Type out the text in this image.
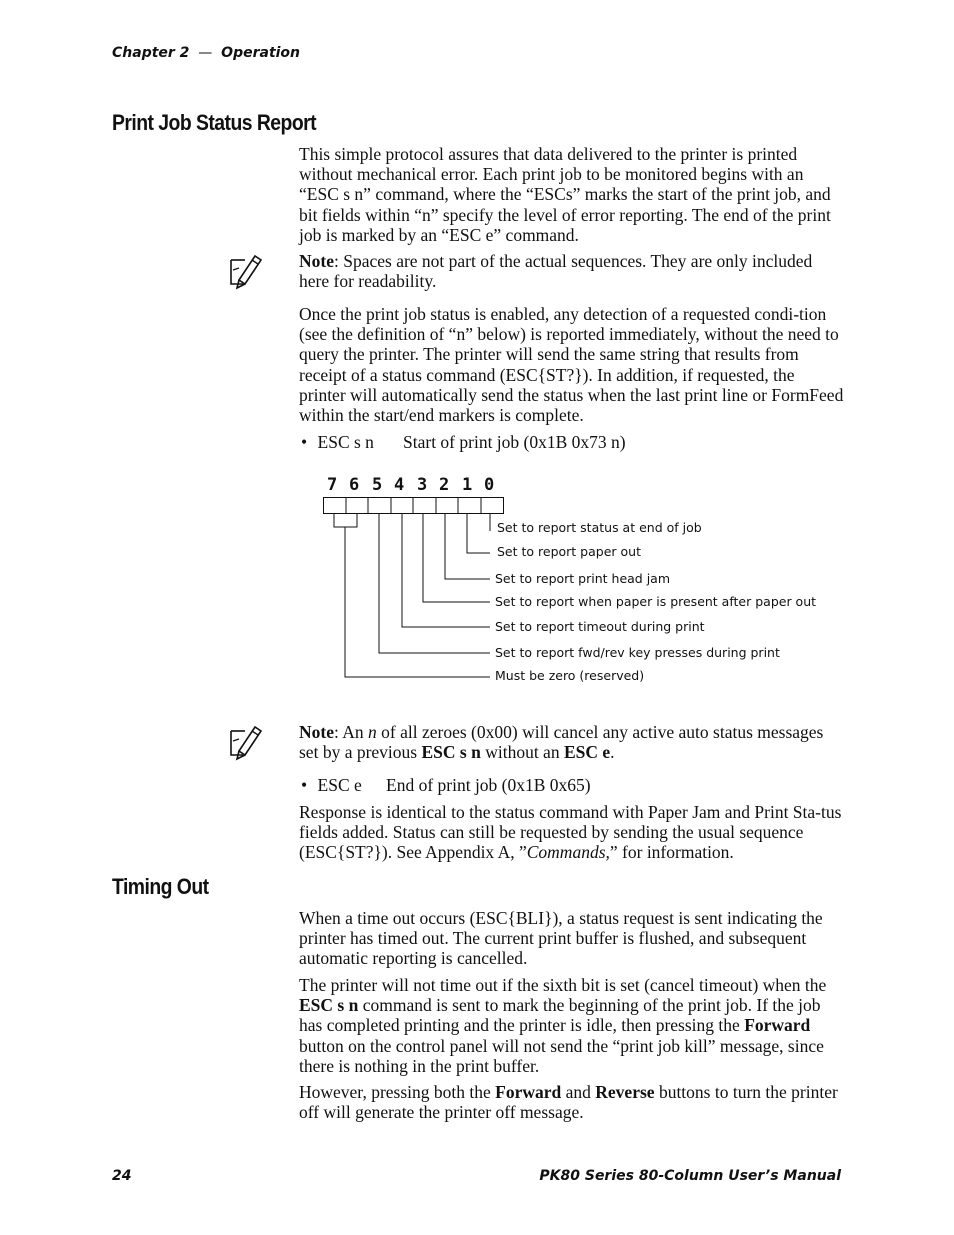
Chapter 2 — Operation
Print Job Status Report

This simple protocol assures that data delivered to the printer is printed without mechanical error. Each print job to be monitored begins with an “ESC s n” command, where the “ESCs” marks the start of the print job, and bit fields within “n” specify the level of error reporting. The end of the print job is marked by an “ESC e” command.

Note: Spaces are not part of the actual sequences. They are only included here for readability.

Once the print job status is enabled, any detection of a requested condi-tion (see the definition of “n” below) is reported immediately, without the need to query the printer. The printer will send the same string that results from receipt of a status command (ESC{ST?}). In addition, if requested, the printer will automatically send the status when the last print line or FormFeed within the start/end markers is complete.

• ESC s n Start of print job (0x1B 0x73 n)
7 6 5 4 3 2 1 0
Set to report status at end of job
Set to report paper out
Set to report print head jam
Set to report when paper is present after paper out
Set to report timeout during print
Set to report fwd/rev key presses during print
Must be zero (reserved)

Note: An n of all zeroes (0x00) will cancel any active auto status messages set by a previous ESC s n without an ESC e.

• ESC e End of print job (0x1B 0x65)

Response is identical to the status command with Paper Jam and Print Sta-tus fields added. Status can still be requested by sending the usual sequence (ESC{ST?}). See Appendix A, ”Commands,” for information.

Timing Out

When a time out occurs (ESC{BLI}), a status request is sent indicating the printer has timed out. The current print buffer is flushed, and subsequent automatic reporting is cancelled.

The printer will not time out if the sixth bit is set (cancel timeout) when the ESC s n command is sent to mark the beginning of the print job. If the job has completed printing and the printer is idle, then pressing the Forward button on the control panel will not send the “print job kill” message, since there is nothing in the print buffer.

However, pressing both the Forward and Reverse buttons to turn the printer off will generate the printer off message.

24	PK80 Series 80-Column User’s Manual
